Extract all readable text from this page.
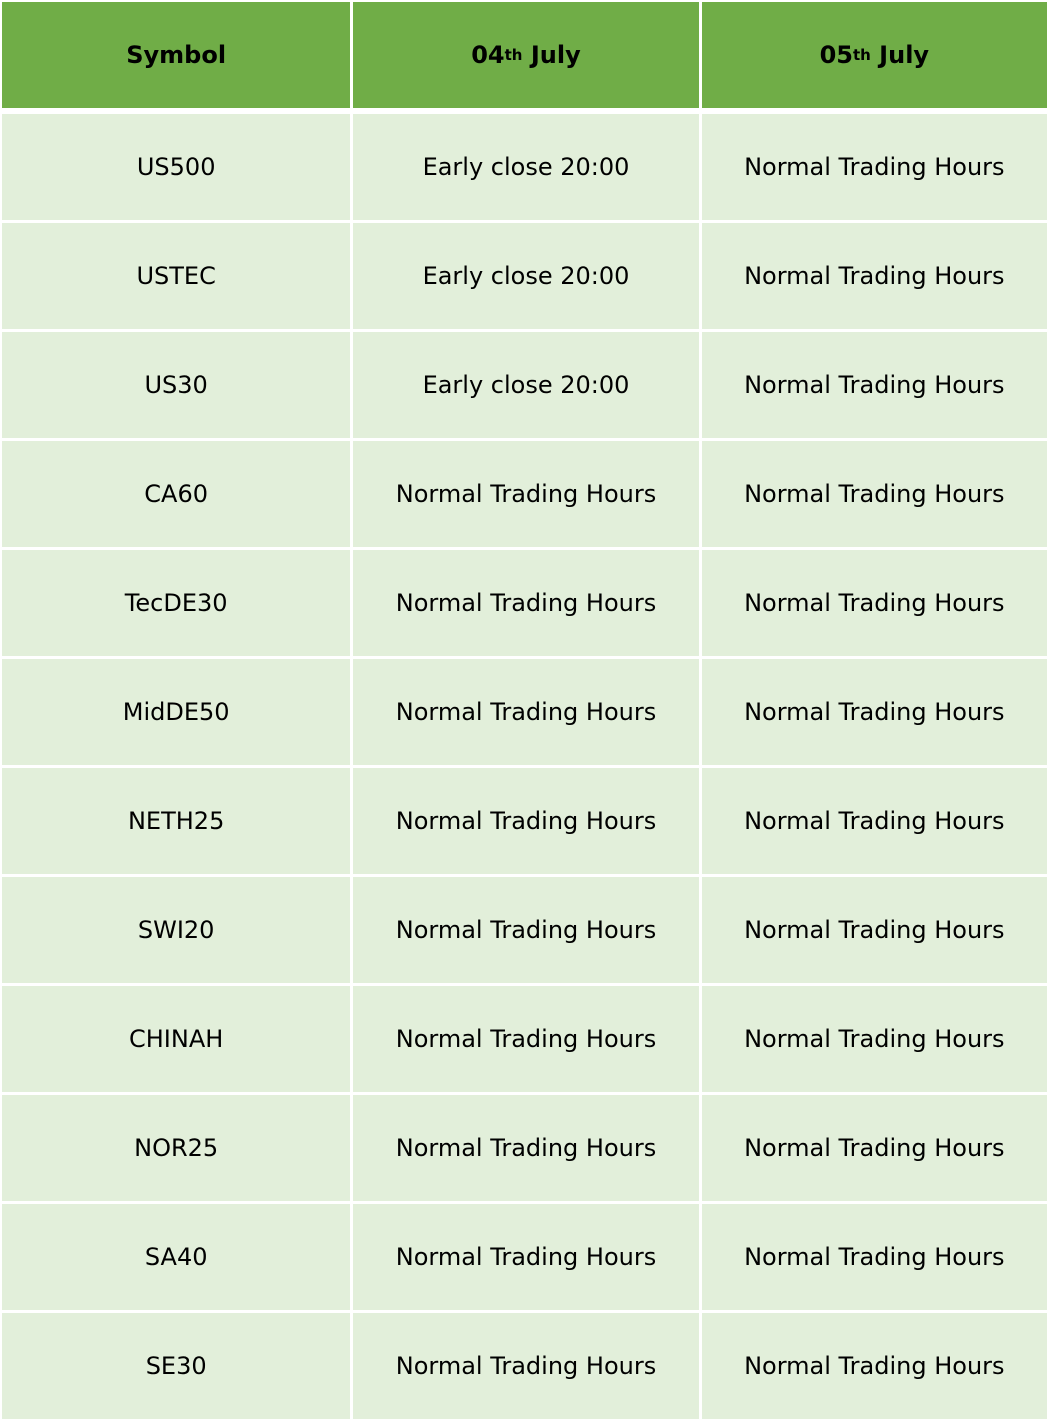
Symbol	04 th July	05 th July
US500	Early close 20:00	Normal Trading Hours
USTEC	Early close 20:00	Normal Trading Hours
US30	Early close 20:00	Normal Trading Hours
CA60	Normal Trading Hours	Normal Trading Hours
TecDE30	Normal Trading Hours	Normal Trading Hours
MidDE50	Normal Trading Hours	Normal Trading Hours
NETH25	Normal Trading Hours	Normal Trading Hours
SWI20	Normal Trading Hours	Normal Trading Hours
CHINAH	Normal Trading Hours	Normal Trading Hours
NOR25	Normal Trading Hours	Normal Trading Hours
SA40	Normal Trading Hours	Normal Trading Hours
SE30	Normal Trading Hours	Normal Trading Hours
